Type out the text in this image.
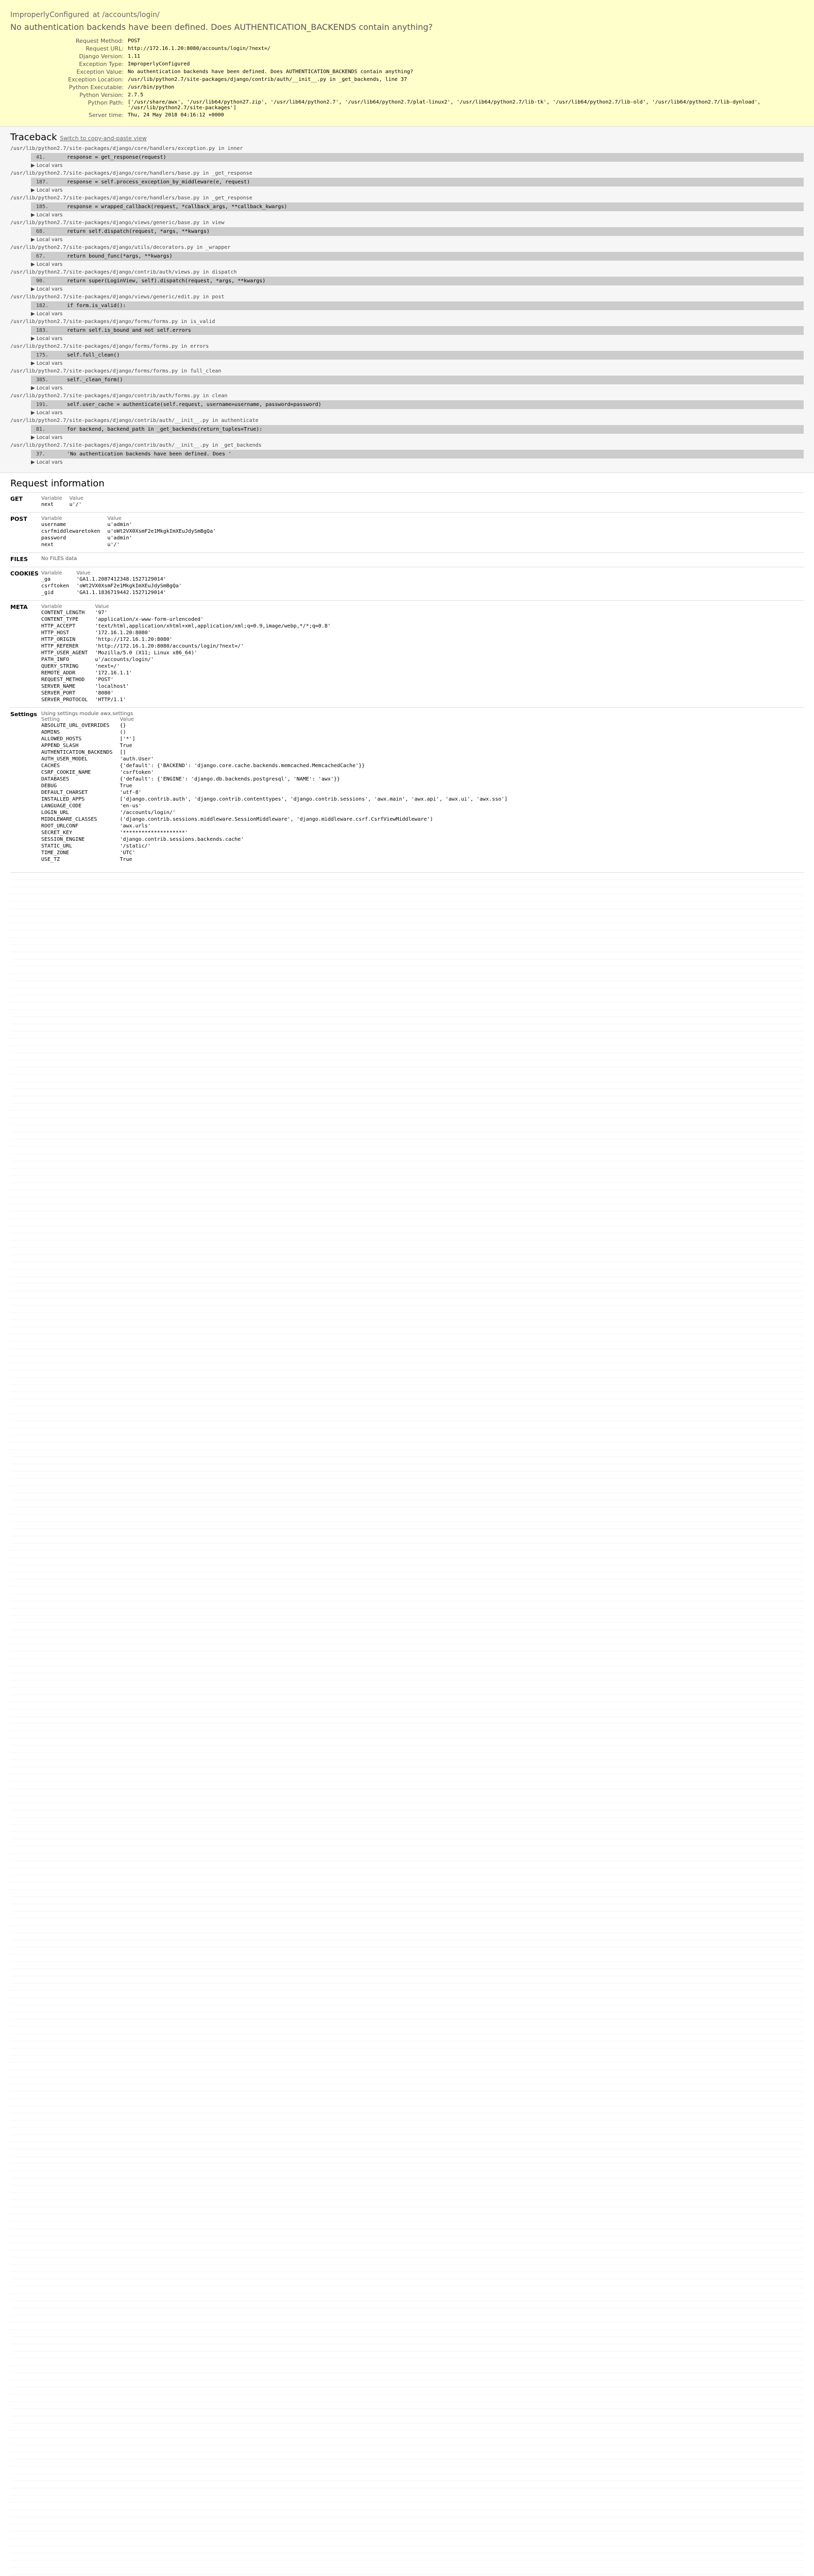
ImproperlyConfigured at /accounts/login/

No authentication backends have been defined. Does AUTHENTICATION_BACKENDS contain anything?

Request Method:	POST
Request URL:	http://172.16.1.20:8080/accounts/login/?next=/
Django Version:	1.11
Exception Type:	ImproperlyConfigured
Exception Value:	No authentication backends have been defined. Does AUTHENTICATION_BACKENDS contain anything?
Exception Location:	/usr/lib/python2.7/site-packages/django/contrib/auth/__init__.py in _get_backends, line 37
Python Executable:	/usr/bin/python
Python Version:	2.7.5
Python Path:	['/usr/share/awx', '/usr/lib64/python27.zip', '/usr/lib64/python2.7', '/usr/lib64/python2.7/plat-linux2', '/usr/lib64/python2.7/lib-tk', '/usr/lib64/python2.7/lib-old', '/usr/lib64/python2.7/lib-dynload', '/usr/lib/python2.7/site-packages']
Server time:	Thu, 24 May 2018 04:16:12 +0000
Traceback Switch to copy-and-paste view
/usr/lib/python2.7/site-packages/django/core/handlers/exception.py in inner
41.	response = get_response(request)
▶ Local vars
/usr/lib/python2.7/site-packages/django/core/handlers/base.py in _get_response
187.	response = self.process_exception_by_middleware(e, request)
▶ Local vars
/usr/lib/python2.7/site-packages/django/core/handlers/base.py in _get_response
185.	response = wrapped_callback(request, *callback_args, **callback_kwargs)
▶ Local vars
/usr/lib/python2.7/site-packages/django/views/generic/base.py in view
68.	return self.dispatch(request, *args, **kwargs)
▶ Local vars
/usr/lib/python2.7/site-packages/django/utils/decorators.py in _wrapper
67.	return bound_func(*args, **kwargs)
▶ Local vars
/usr/lib/python2.7/site-packages/django/contrib/auth/views.py in dispatch
90.	return super(LoginView, self).dispatch(request, *args, **kwargs)
▶ Local vars
/usr/lib/python2.7/site-packages/django/views/generic/edit.py in post
182.	if form.is_valid():
▶ Local vars
/usr/lib/python2.7/site-packages/django/forms/forms.py in is_valid
183.	return self.is_bound and not self.errors
▶ Local vars
/usr/lib/python2.7/site-packages/django/forms/forms.py in errors
175.	self.full_clean()
▶ Local vars
/usr/lib/python2.7/site-packages/django/forms/forms.py in full_clean
385.	self._clean_form()
▶ Local vars
/usr/lib/python2.7/site-packages/django/contrib/auth/forms.py in clean
191.	self.user_cache = authenticate(self.request, username=username, password=password)
▶ Local vars
/usr/lib/python2.7/site-packages/django/contrib/auth/__init__.py in authenticate
81.	for backend, backend_path in _get_backends(return_tuples=True):
▶ Local vars
/usr/lib/python2.7/site-packages/django/contrib/auth/__init__.py in _get_backends
37.	'No authentication backends have been defined. Does '
▶ Local vars
Request information
GET	Variable	Value
next	u'/'
POST	Variable	Value
username	u'admin'
csrfmiddlewaretoken	u'oWt2VX0XsmF2e1MkgkImXEuJdySmBgQa'
password	u'admin'
next	u'/'
FILES	No FILES data
COOKIES Variable	Value
_ga	'GA1.1.2087412348.1527129014'
csrftoken	'oWt2VX0XsmF2e1MkgkImXEuJdySmBgQa'
_gid	'GA1.1.1836719442.1527129014'
META	Variable	Value
CONTENT_LENGTH	'97'
CONTENT_TYPE	'application/x-www-form-urlencoded'
HTTP_ACCEPT	'text/html,application/xhtml+xml,application/xml;q=0.9,image/webp,*/*;q=0.8'
HTTP_HOST	'172.16.1.20:8080'
HTTP_ORIGIN	'http://172.16.1.20:8080'
HTTP_REFERER	'http://172.16.1.20:8080/accounts/login/?next=/'
HTTP_USER_AGENT	'Mozilla/5.0 (X11; Linux x86_64)'
PATH_INFO	u'/accounts/login/'
QUERY_STRING	'next=/'
REMOTE_ADDR	'172.16.1.1'
REQUEST_METHOD	'POST'
SERVER_NAME	'localhost'
SERVER_PORT	'8080'
SERVER_PROTOCOL	'HTTP/1.1'
Settings Using settings module awx.settings
Setting	Value
ABSOLUTE_URL_OVERRIDES	{}
ADMINS	()
ALLOWED_HOSTS	['*']
APPEND_SLASH	True
AUTHENTICATION_BACKENDS	[]
AUTH_USER_MODEL	'auth.User'
CACHES	{'default': {'BACKEND': 'django.core.cache.backends.memcached.MemcachedCache'}}
CSRF_COOKIE_NAME	'csrftoken'
DATABASES	{'default': {'ENGINE': 'django.db.backends.postgresql', 'NAME': 'awx'}}
DEBUG	True
DEFAULT_CHARSET	'utf-8'
INSTALLED_APPS	['django.contrib.auth', 'django.contrib.contenttypes', 'django.contrib.sessions', 'awx.main', 'awx.api', 'awx.ui', 'awx.sso']
LANGUAGE_CODE	'en-us'
LOGIN_URL	'/accounts/login/'
MIDDLEWARE_CLASSES	('django.contrib.sessions.middleware.SessionMiddleware', 'django.middleware.csrf.CsrfViewMiddleware')
ROOT_URLCONF	'awx.urls'
SECRET_KEY	'********************'
SESSION_ENGINE	'django.contrib.sessions.backends.cache'
STATIC_URL	'/static/'
TIME_ZONE	'UTC'
USE_TZ	True
